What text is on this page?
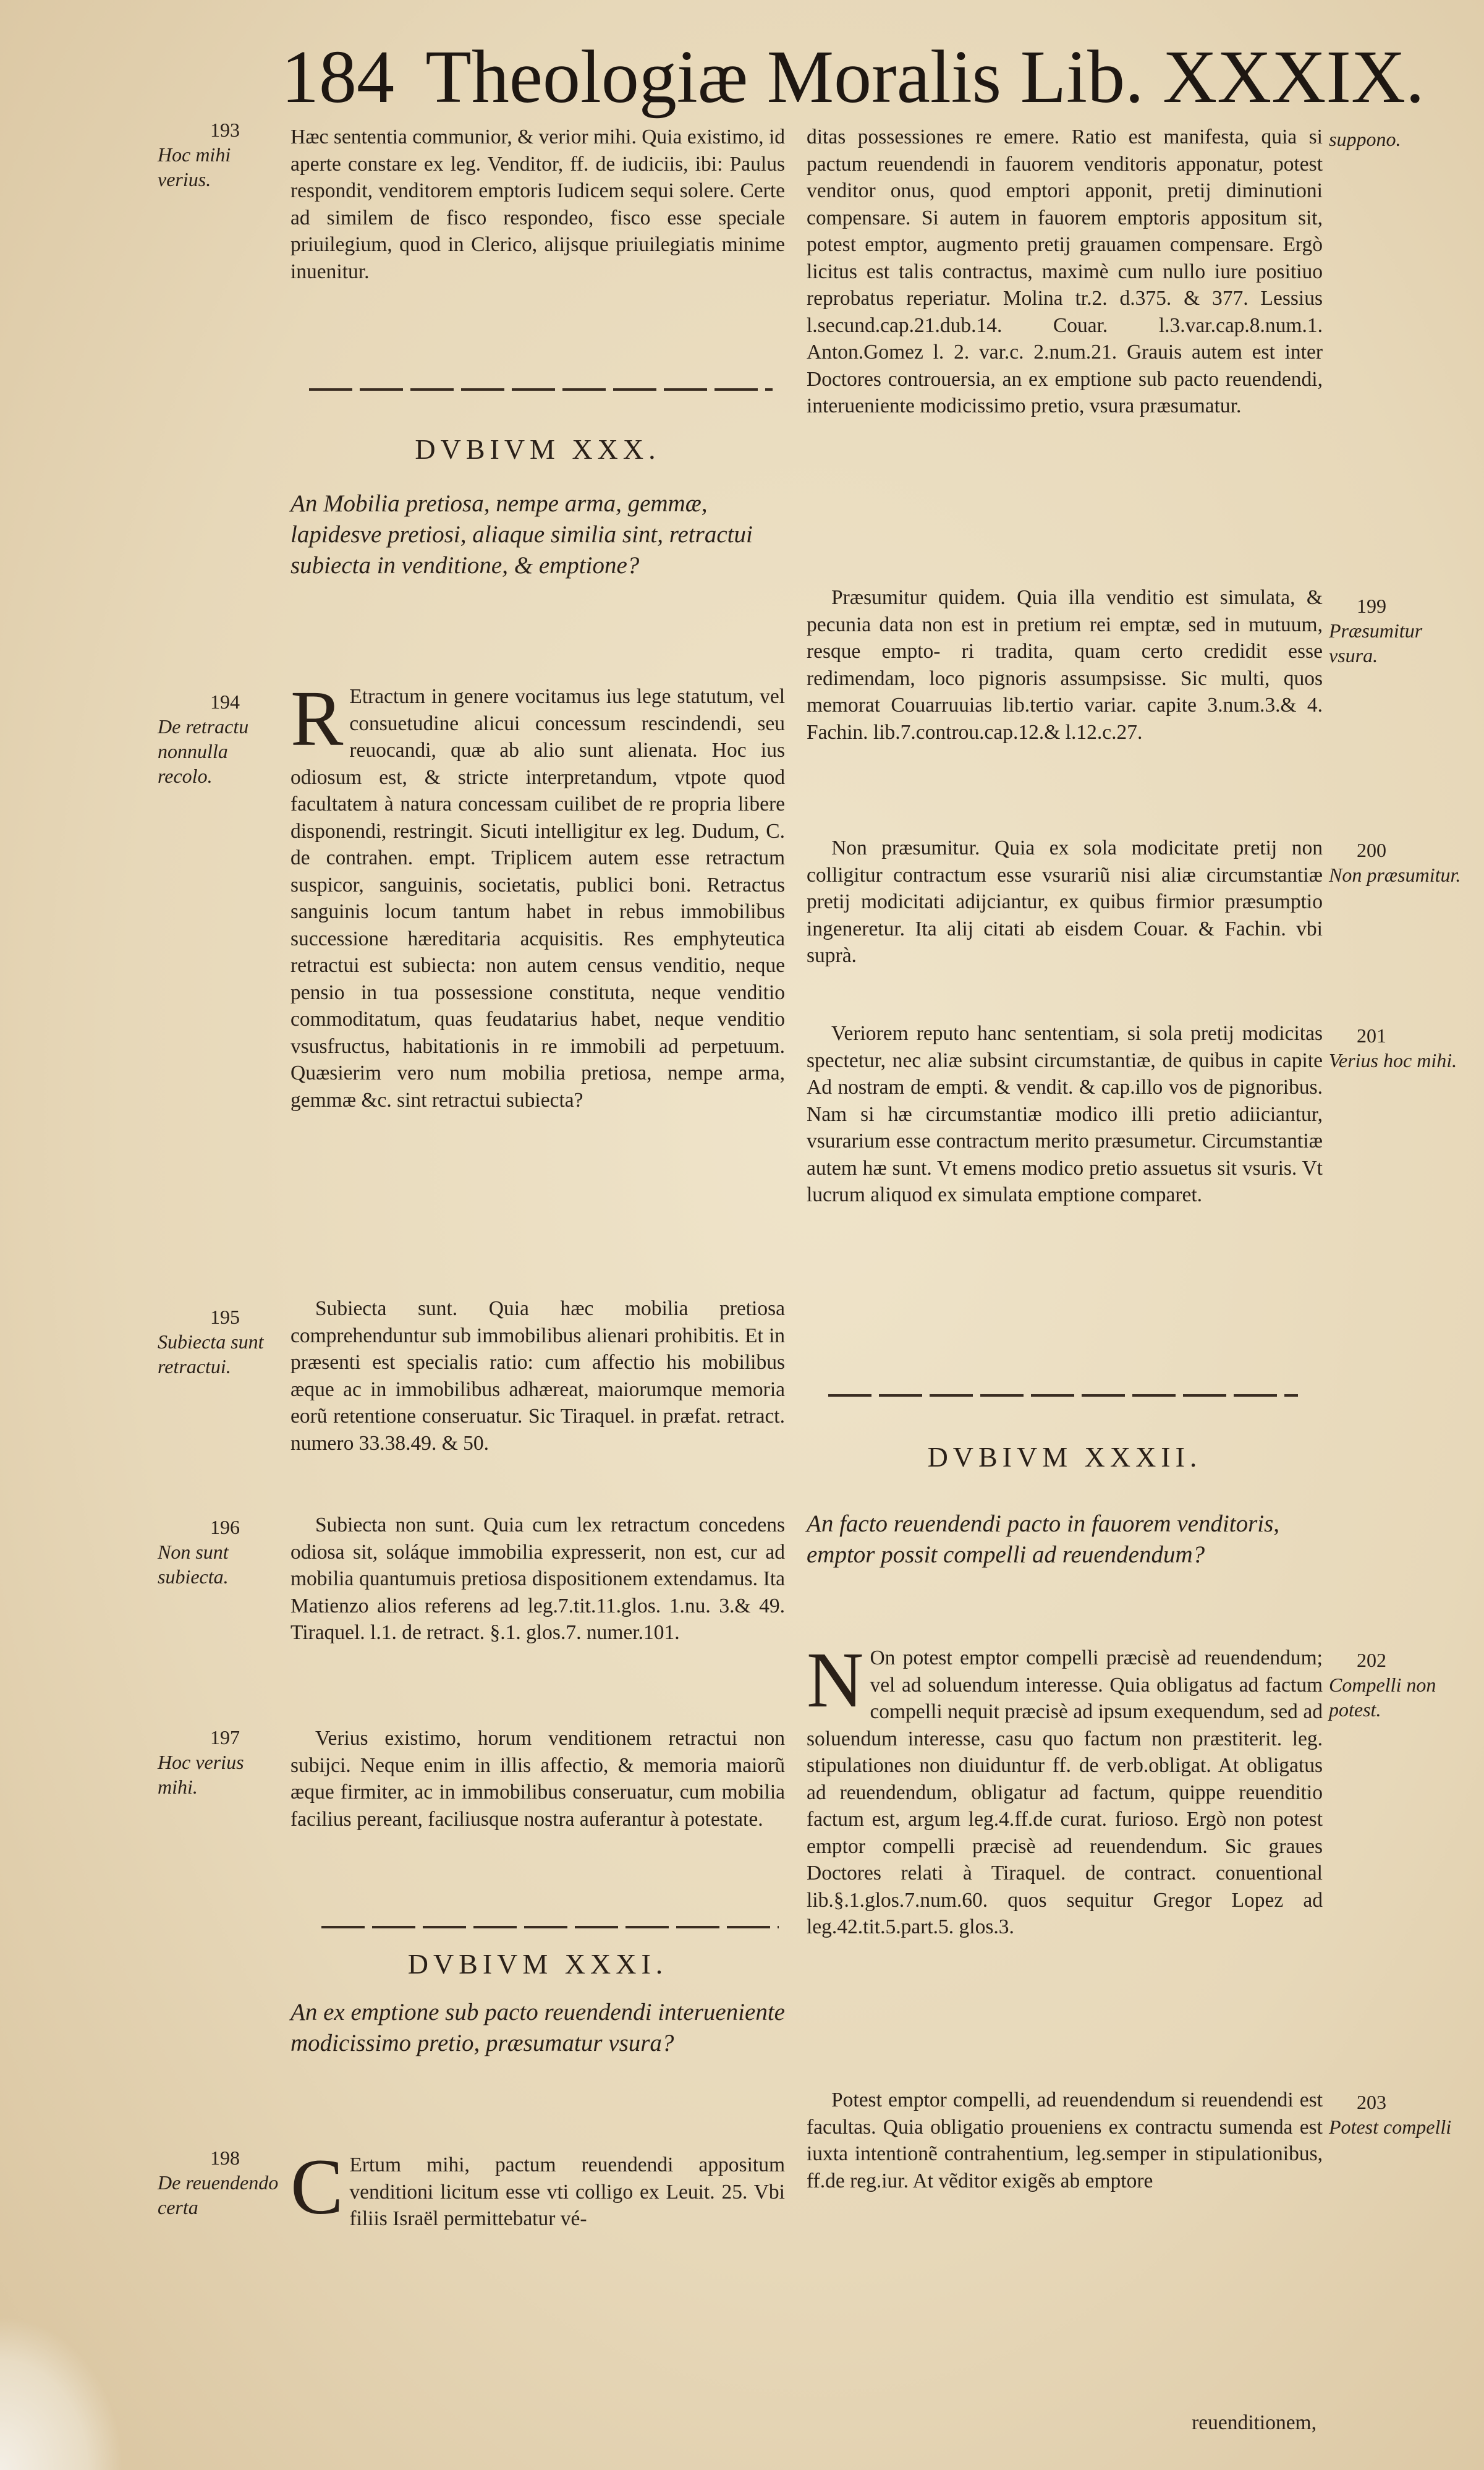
184 Theologiæ Moralis Lib. XXXIX.

Hæc sententia communior, & verior mihi. Quia existimo, id aperte constare ex leg. Venditor, ff. de iudiciis, ibi: Paulus respondit, venditorem emptoris Iudicem sequi solere. Certe ad similem de fisco respondeo, fisco esse speciale priuilegium, quod in Clerico, alijsque priuilegiatis minime inuenitur.

DVBIVM XXX.

An Mobilia pretiosa, nempe arma, gemmæ, lapidesve pretiosi, aliaque similia sint, retractui subiecta in venditione, & emptione?

R Etractum in genere vocitamus ius lege statutum, vel consuetudine alicui concessum rescindendi, seu reuocandi, quæ ab alio sunt alienata. Hoc ius odiosum est, & stricte interpretandum, vtpote quod facultatem à natura concessam cuilibet de re propria libere disponendi, restringit. Sicuti intelligitur ex leg. Dudum, C. de contrahen. empt. Triplicem autem esse retractum suspicor, sanguinis, societatis, publici boni. Retractus sanguinis locum tantum habet in rebus immobilibus successione hæreditaria acquisitis. Res emphyteutica retractui est subiecta: non autem census venditio, neque pensio in tua possessione constituta, neque venditio commoditatum, quas feudatarius habet, neque venditio vsusfructus, habitationis in re immobili ad perpetuum. Quæsierim vero num mobilia pretiosa, nempe arma, gemmæ &c. sint retractui subiecta?

Subiecta sunt. Quia hæc mobilia pretiosa comprehenduntur sub immobilibus alienari prohibitis. Et in præsenti est specialis ratio: cum affectio his mobilibus æque ac in immobilibus adhæreat, maiorumque memoria eorũ retentione conseruatur. Sic Tiraquel. in præfat. retract. numero 33.38.49. & 50.

Subiecta non sunt. Quia cum lex retractum concedens odiosa sit, soláque immobilia expresserit, non est, cur ad mobilia quantumuis pretiosa dispositionem extendamus. Ita Matienzo alios referens ad leg.7.tit.11.glos. 1.nu. 3.& 49. Tiraquel. l.1. de retract. §.1. glos.7. numer.101.

Verius existimo, horum venditionem retractui non subijci. Neque enim in illis affectio, & memoria maiorũ æque firmiter, ac in immobilibus conseruatur, cum mobilia facilius pereant, faciliusque nostra auferantur à potestate.

DVBIVM XXXI.

An ex emptione sub pacto reuendendi interueniente modicissimo pretio, præsumatur vsura?

C Ertum mihi, pactum reuendendi appositum venditioni licitum esse vti colligo ex Leuit. 25. Vbi filiis Israël permittebatur vé-

ditas possessiones re emere. Ratio est manifesta, quia si pactum reuendendi in fauorem venditoris apponatur, potest venditor onus, quod emptori apponit, pretij diminutioni compensare. Si autem in fauorem emptoris appositum sit, potest emptor, augmento pretij grauamen compensare. Ergò licitus est talis contractus, maximè cum nullo iure positiuo reprobatus reperiatur. Molina tr.2. d.375. & 377. Lessius l.secund.cap.21.dub.14. Couar. l.3.var.cap.8.num.1. Anton.Gomez l. 2. var.c. 2.num.21. Grauis autem est inter Doctores controuersia, an ex emptione sub pacto reuendendi, interueniente modicissimo pretio, vsura præsumatur.

Præsumitur quidem. Quia illa venditio est simulata, & pecunia data non est in pretium rei emptæ, sed in mutuum, resque empto- ri tradita, quam certo credidit esse redimendam, loco pignoris assumpsisse. Sic multi, quos memorat Couarruuias lib.tertio variar. capite 3.num.3.& 4. Fachin. lib.7.controu.cap.12.& l.12.c.27.

Non præsumitur. Quia ex sola modicitate pretij non colligitur contractum esse vsurariũ nisi aliæ circumstantiæ pretij modicitati adijciantur, ex quibus firmior præsumptio ingeneretur. Ita alij citati ab eisdem Couar. & Fachin. vbi suprà.

Veriorem reputo hanc sententiam, si sola pretij modicitas spectetur, nec aliæ subsint circumstantiæ, de quibus in capite Ad nostram de empti. & vendit. & cap.illo vos de pignoribus. Nam si hæ circumstantiæ modico illi pretio adiiciantur, vsurarium esse contractum merito præsumetur. Circumstantiæ autem hæ sunt. Vt emens modico pretio assuetus sit vsuris. Vt lucrum aliquod ex simulata emptione comparet.

DVBIVM XXXII.

An facto reuendendi pacto in fauorem venditoris, emptor possit compelli ad reuendendum?

N On potest emptor compelli præcisè ad reuendendum; vel ad soluendum interesse. Quia obligatus ad factum compelli nequit præcisè ad ipsum exequendum, sed ad soluendum interesse, casu quo factum non præstiterit. leg. stipulationes non diuiduntur ff. de verb.obligat. At obligatus ad reuendendum, obligatur ad factum, quippe reuenditio factum est, argum leg.4.ff.de curat. furioso. Ergò non potest emptor compelli præcisè ad reuendendum. Sic graues Doctores relati à Tiraquel. de contract. conuentional lib.§.1.glos.7.num.60. quos sequitur Gregor Lopez ad leg.42.tit.5.part.5. glos.3.

Potest emptor compelli, ad reuendendum si reuendendi est facultas. Quia obligatio proueniens ex contractu sumenda est iuxta intentionẽ contrahentium, leg.semper in stipulationibus, ff.de reg.iur. At vẽditor exigẽs ab emptore

reuenditionem,
193
Hoc mihi verius.
194
De retractu nonnulla recolo.
195
Subiecta sunt retractui.
196
Non sunt subiecta.
197
Hoc verius mihi.
198
De reuendendo certa
suppono.
199
Præsumitur vsura.
200
Non præsumitur.
201
Verius hoc mihi.
202
Compelli non potest.
203
Potest compelli
